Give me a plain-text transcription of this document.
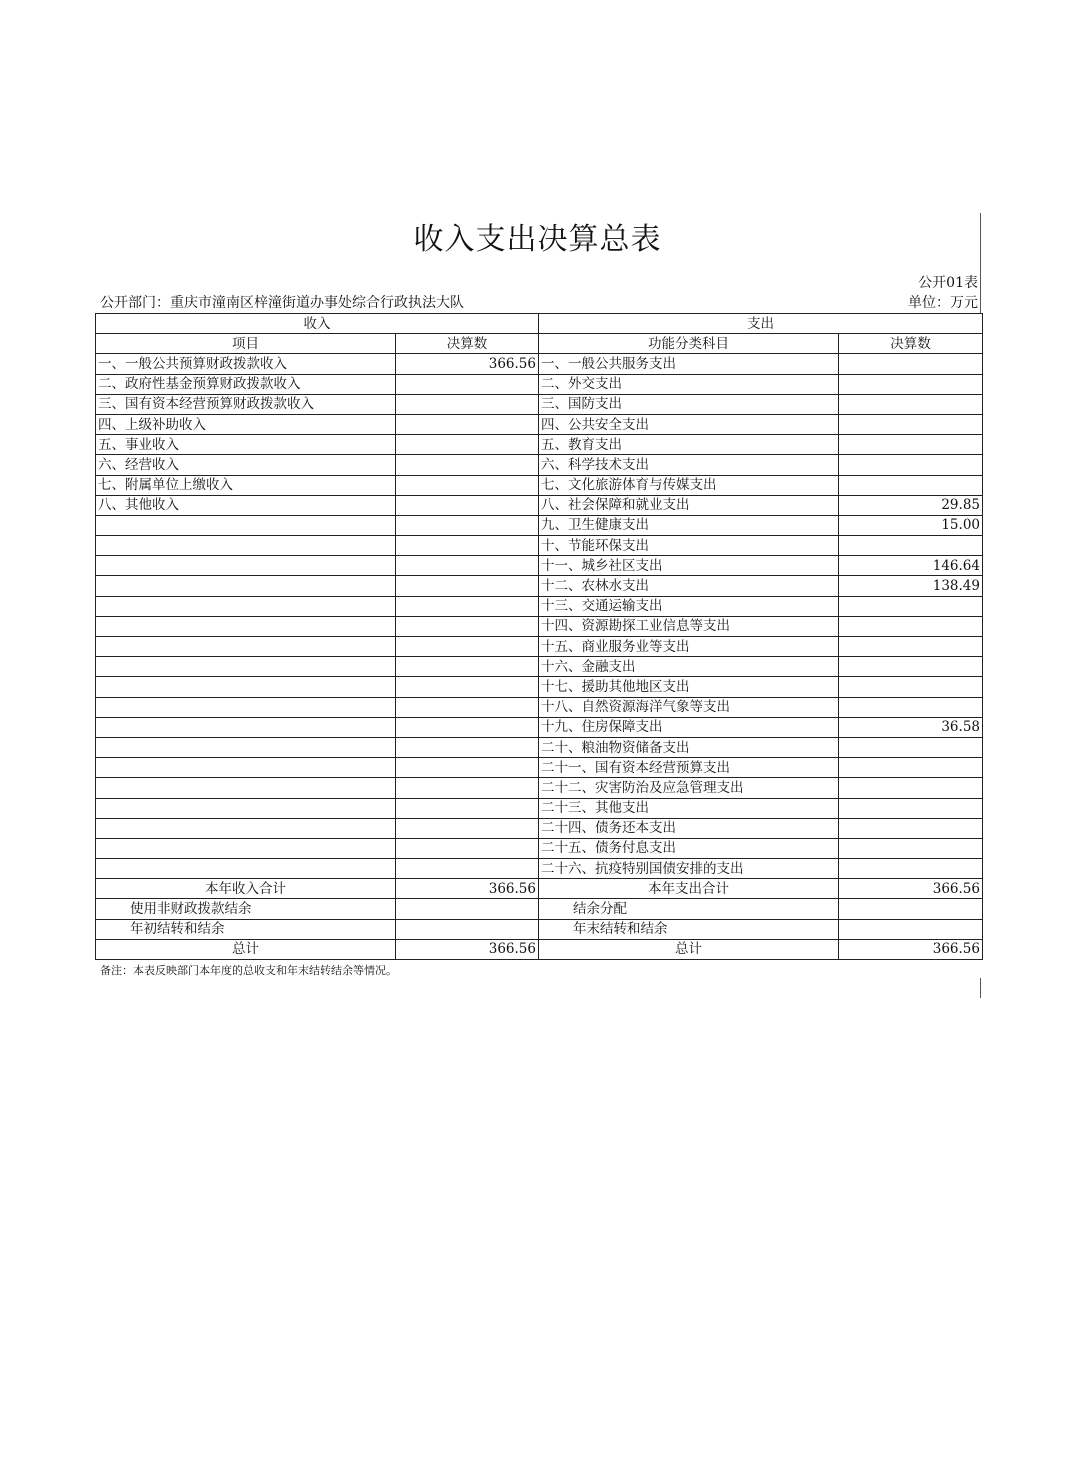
收入支出决算总表
公开01表
公开部门：重庆市潼南区梓潼街道办事处综合行政执法大队	单位：万元
收入		支出	
项目	决算数	功能分类科目	决算数
一、一般公共预算财政拨款收入	366.56	一、一般公共服务支出	
二、政府性基金预算财政拨款收入		二、外交支出	
三、国有资本经营预算财政拨款收入		三、国防支出	
四、上级补助收入		四、公共安全支出	
五、事业收入		五、教育支出	
六、经营收入		六、科学技术支出	
七、附属单位上缴收入		七、文化旅游体育与传媒支出	
八、其他收入		八、社会保障和就业支出	29.85
		九、卫生健康支出	15.00
		十、节能环保支出	
		十一、城乡社区支出	146.64
		十二、农林水支出	138.49
		十三、交通运输支出	
		十四、资源勘探工业信息等支出	
		十五、商业服务业等支出	
		十六、金融支出	
		十七、援助其他地区支出	
		十八、自然资源海洋气象等支出	
		十九、住房保障支出	36.58
		二十、粮油物资储备支出	
		二十一、国有资本经营预算支出	
		二十二、灾害防治及应急管理支出	
		二十三、其他支出	
		二十四、债务还本支出	
		二十五、债务付息支出	
		二十六、抗疫特别国债安排的支出	
本年收入合计	366.56	本年支出合计	366.56
使用非财政拨款结余		结余分配	
年初结转和结余		年末结转和结余	
总计	366.56	总计	366.56
备注：本表反映部门本年度的总收支和年末结转结余等情况。
